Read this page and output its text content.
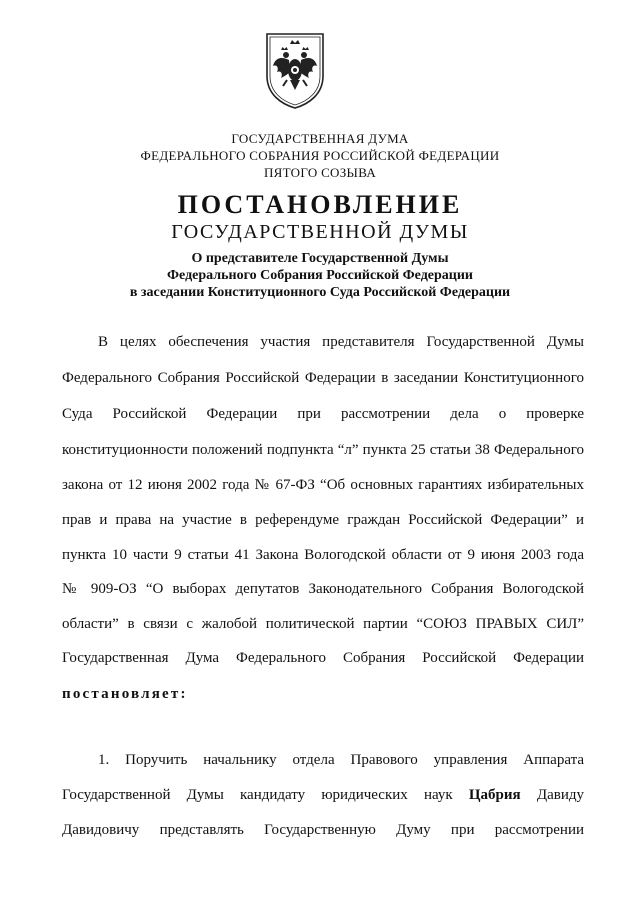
ГОСУДАРСТВЕННАЯ ДУМА
ФЕДЕРАЛЬНОГО СОБРАНИЯ РОССИЙСКОЙ ФЕДЕРАЦИИ
ПЯТОГО СОЗЫВА
ПОСТАНОВЛЕНИЕ
ГОСУДАРСТВЕННОЙ ДУМЫ
О представителе Государственной Думы
Федерального Собрания Российской Федерации
в заседании Конституционного Суда Российской Федерации
В целях обеспечения участия представителя Государственной Думы
Федерального Собрания Российской Федерации в заседании Конституционного
Суда Российской Федерации при рассмотрении дела о проверке
конституционности положений подпункта “л” пункта 25 статьи 38 Федерального
закона от 12 июня 2002 года № 67-ФЗ “Об основных гарантиях избирательных
прав и права на участие в референдуме граждан Российской Федерации” и
пункта 10 части 9 статьи 41 Закона Вологодской области от 9 июня 2003 года
№ 909-ОЗ “О выборах депутатов Законодательного Собрания Вологодской
области” в связи с жалобой политической партии “СОЮЗ ПРАВЫХ СИЛ”
Государственная Дума Федерального Собрания Российской Федерации
постановляет:
1. Поручить начальнику отдела Правового управления Аппарата
Государственной Думы кандидату юридических наук Цабрия Давиду
Давидовичу представлять Государственную Думу при рассмотрении
